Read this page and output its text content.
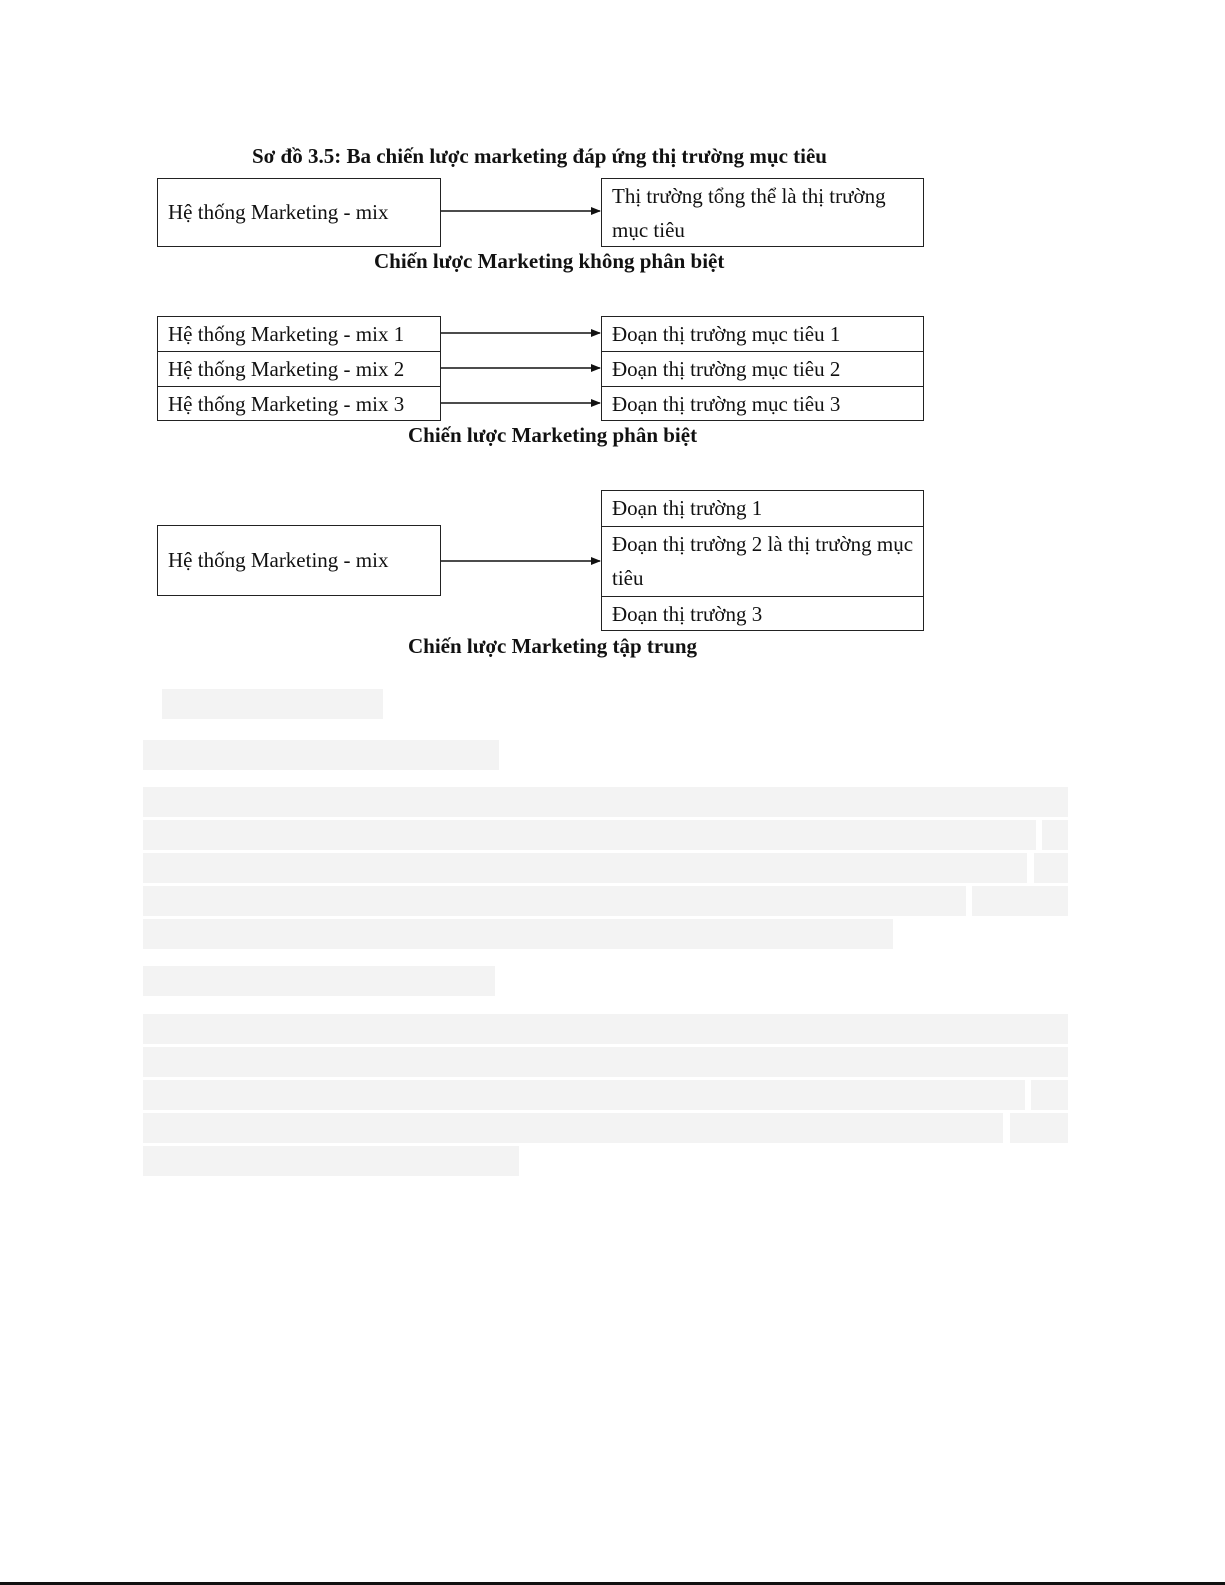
Sơ đồ 3.5: Ba chiến lược marketing đáp ứng thị trường mục tiêu
Hệ thống Marketing - mix
Thị trường tổng thể là thị trường mục tiêu
Chiến lược Marketing không phân biệt
Hệ thống Marketing - mix 1
Hệ thống Marketing - mix 2
Hệ thống Marketing - mix 3
Đoạn thị trường mục tiêu 1
Đoạn thị trường mục tiêu 2
Đoạn thị trường mục tiêu 3
Chiến lược Marketing phân biệt
Hệ thống Marketing - mix
Đoạn thị trường 1
Đoạn thị trường 2 là thị trường mục tiêu
Đoạn thị trường 3
Chiến lược Marketing tập trung
